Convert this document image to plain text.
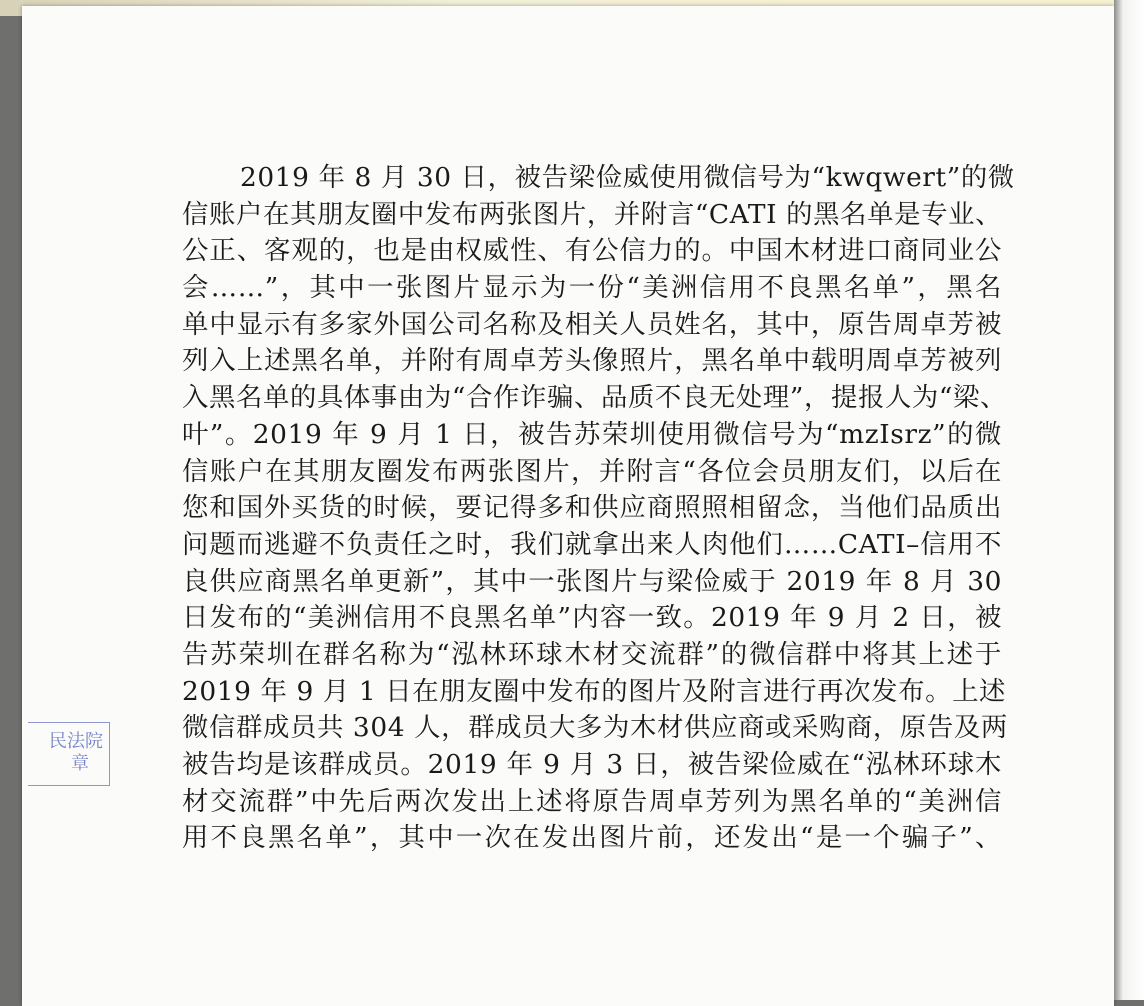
民法院
章
2019 年 8 月 30 日，被告梁俭威使用微信号为“kwqwert”的微
信账户在其朋友圈中发布两张图片，并附言“CATI 的黑名单是专业、
公正、客观的，也是由权威性、有公信力的。中国木材进口商同业公
会……”，其中一张图片显示为一份“美洲信用不良黑名单”，黑名
单中显示有多家外国公司名称及相关人员姓名，其中，原告周卓芳被
列入上述黑名单，并附有周卓芳头像照片，黑名单中载明周卓芳被列
入黑名单的具体事由为“合作诈骗、品质不良无处理”，提报人为“梁、
叶”。2019 年 9 月 1 日，被告苏荣圳使用微信号为“mzIsrz”的微
信账户在其朋友圈发布两张图片，并附言“各位会员朋友们，以后在
您和国外买货的时候，要记得多和供应商照照相留念，当他们品质出
问题而逃避不负责任之时，我们就拿出来人肉他们……CATI–信用不
良供应商黑名单更新”，其中一张图片与梁俭威于 2019 年 8 月 30
日发布的“美洲信用不良黑名单”内容一致。2019 年 9 月 2 日，被
告苏荣圳在群名称为“泓林环球木材交流群”的微信群中将其上述于
2019 年 9 月 1 日在朋友圈中发布的图片及附言进行再次发布。上述
微信群成员共 304 人，群成员大多为木材供应商或采购商，原告及两
被告均是该群成员。2019 年 9 月 3 日，被告梁俭威在“泓林环球木
材交流群”中先后两次发出上述将原告周卓芳列为黑名单的“美洲信
用不良黑名单”，其中一次在发出图片前，还发出“是一个骗子”、
